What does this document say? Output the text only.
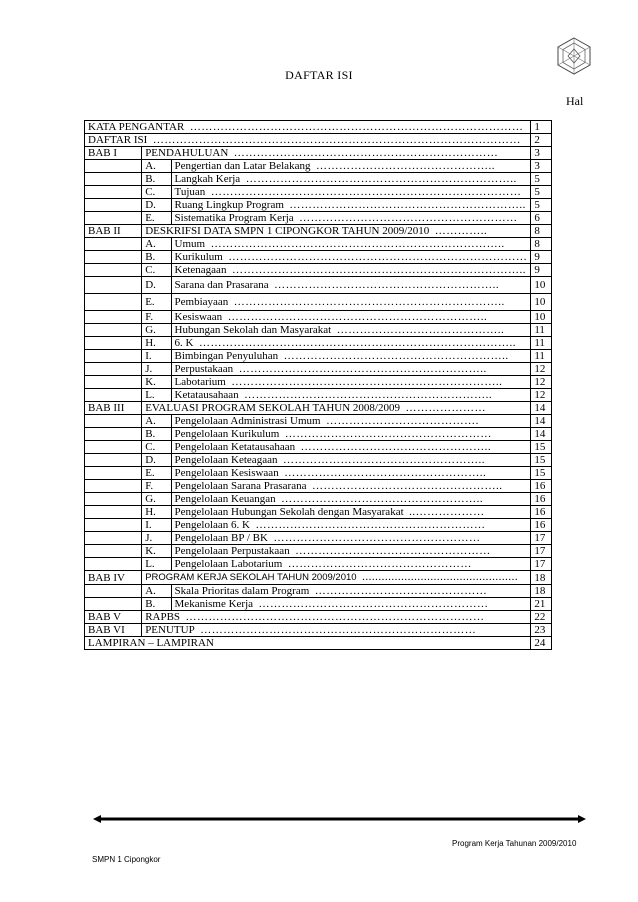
DAFTAR ISI
Hal
KATA PENGANTAR ……………………………………………………………………………			1
DAFTAR ISI ……………………………………………………………………………………			2
BAB I	PENDAHULUAN ……………………………………………………………		3
	A.	Pengertian dan Latar Belakang ………………………………………..	3
	B.	Langkah Kerja ……………………………………………………………..	5
	C.	Tujuan ………………………………………………………………………	5
	D.	Ruang Lingkup Program ……………………………………………………..	5
	E.	Sistematika Program Kerja …………………………………………………	6
BAB II	DESKRIFSI DATA SMPN 1 CIPONGKOR TAHUN 2009/2010 …………..		8
	A.	Umum …………………………………………………………………..	8
	B.	Kurikulum ……………………………………………………………………	9
	C.	Ketenagaan …………………………………………………………………..	9
	D.	Sarana dan Prasarana …………………………………………………..	10
	E.	Pembiayaan ……………………………………………………………..	10
	F.	Kesiswaan …………………………………………………………..	10
	G.	Hubungan Sekolah dan Masyarakat ……………………………………..	11
	H.	6. K ………………………………………………………………………..	11
	I.	Bimbingan Penyuluhan …………………………………………………..	11
	J.	Perpustakaan ………………………………………………………..	12
	K.	Labotarium ……………………………………………………………..	12
	L.	Ketatausahaan ………………………………………………………..	12
BAB III	EVALUASI PROGRAM SEKOLAH TAHUN 2008/2009 …………………		14
	A.	Pengelolaan Administrasi Umum ………………………………….	14
	B.	Pengelolaan Kurikulum ………………………………………………	14
	C.	Pengelolaan Ketatausahaan …………………………………………..	15
	D.	Pengelolaan Keteagaan ……………………………………………..	15
	E.	Pengelolaan Kesiswaan ……………………………………………..	15
	F.	Pengelolaan Sarana Prasarana …………………………………………..	16
	G.	Pengelolaan Keuangan ……………………………………………..	16
	H.	Pengelolaan Hubungan Sekolah dengan Masyarakat ..………………	16
	I.	Pengelolaan 6. K ……………………………………………………	16
	J.	Pengelolaan BP / BK ………………………………………………	17
	K.	Pengelolaan Perpustakaan ……………………………………………	17
	L.	Pengelolaan Labotarium …………………………………………	17
BAB IV	PROGRAM KERJA SEKOLAH TAHUN 2009/2010 ................................................		18
	A.	Skala Prioritas dalam Program ………………………………………	18
	B.	Mekanisme Kerja ……………………………………………………	21
BAB V	RAPBS ……………………………………………………………………		22
BAB VI	PENUTUP ………………………………………………………………		23
LAMPIRAN – LAMPIRAN			24
Program Kerja Tahunan 2009/2010
SMPN 1 Cipongkor
